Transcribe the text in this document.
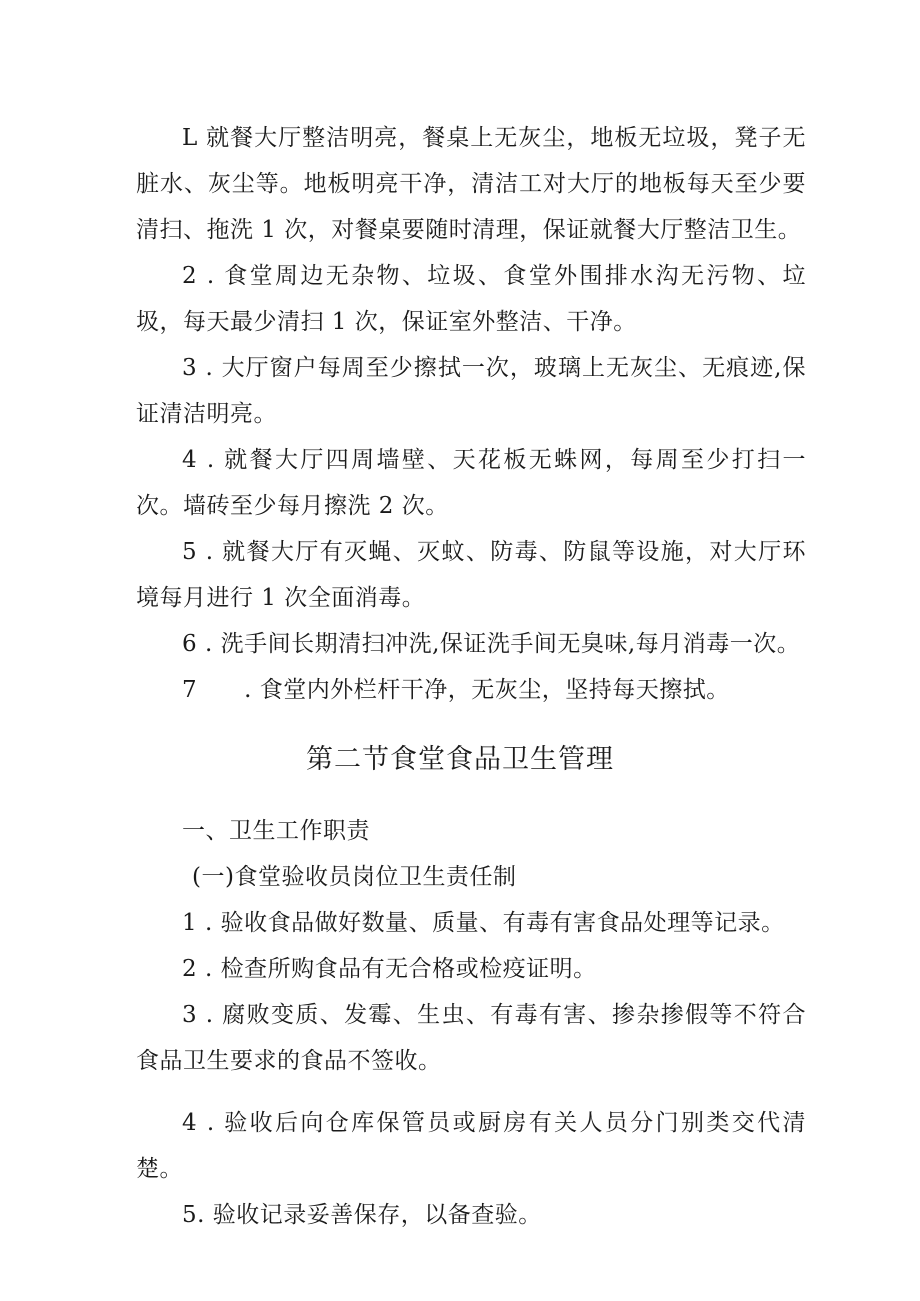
L 就餐大厅整洁明亮，餐桌上无灰尘，地板无垃圾，凳子无脏水、灰尘等。地板明亮干净，清洁工对大厅的地板每天至少要清扫、拖洗 1 次，对餐桌要随时清理，保证就餐大厅整洁卫生。

2 . 食堂周边无杂物、垃圾、食堂外围排水沟无污物、垃圾，每天最少清扫 1 次，保证室外整洁、干净。

3 . 大厅窗户每周至少擦拭一次，玻璃上无灰尘、无痕迹,保证清洁明亮。

4 . 就餐大厅四周墙壁、天花板无蛛网，每周至少打扫一次。墙砖至少每月擦洗 2 次。

5 . 就餐大厅有灭蝇、灭蚊、防毒、防鼠等设施，对大厅环境每月进行 1 次全面消毒。

6 . 洗手间长期清扫冲洗,保证洗手间无臭味,每月消毒一次。

7　　. 食堂内外栏杆干净，无灰尘，坚持每天擦拭。

第二节食堂食品卫生管理

一、卫生工作职责

(一)食堂验收员岗位卫生责任制

1 . 验收食品做好数量、质量、有毒有害食品处理等记录。

2 . 检查所购食品有无合格或检疫证明。

3 . 腐败变质、发霉、生虫、有毒有害、掺杂掺假等不符合食品卫生要求的食品不签收。

4 . 验收后向仓库保管员或厨房有关人员分门别类交代清楚。

5. 验收记录妥善保存，以备查验。
